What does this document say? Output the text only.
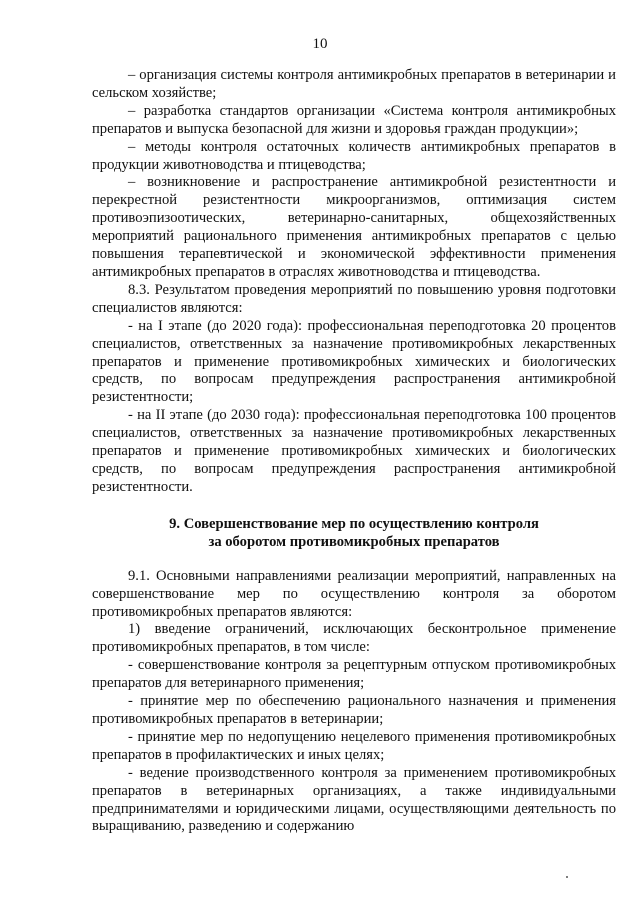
10

– организация системы контроля антимикробных препаратов в ветеринарии и сельском хозяйстве;

– разработка стандартов организации «Система контроля антимикробных препаратов и выпуска безопасной для жизни и здоровья граждан продукции»;

– методы контроля остаточных количеств антимикробных препаратов в продукции животноводства и птицеводства;

– возникновение и распространение антимикробной резистентности и перекрестной резистентности микроорганизмов, оптимизация систем противоэпизоотических, ветеринарно-санитарных, общехозяйственных мероприятий рационального применения антимикробных препаратов с целью повышения терапевтической и экономической эффективности применения антимикробных препаратов в отраслях животноводства и птицеводства.

8.3. Результатом проведения мероприятий по повышению уровня подготовки специалистов являются:

- на I этапе (до 2020 года): профессиональная переподготовка 20 процентов специалистов, ответственных за назначение противомикробных лекарственных препаратов и применение противомикробных химических и биологических средств, по вопросам предупреждения распространения антимикробной резистентности;

- на II этапе (до 2030 года): профессиональная переподготовка 100 процентов специалистов, ответственных за назначение противомикробных лекарственных препаратов и применение противомикробных химических и биологических средств, по вопросам предупреждения распространения антимикробной резистентности.

9. Совершенствование мер по осуществлению контроля

за оборотом противомикробных препаратов

9.1. Основными направлениями реализации мероприятий, направленных на совершенствование мер по осуществлению контроля за оборотом противомикробных препаратов являются:

1) введение ограничений, исключающих бесконтрольное применение противомикробных препаратов, в том числе:

- совершенствование контроля за рецептурным отпуском противомикробных препаратов для ветеринарного применения;

- принятие мер по обеспечению рационального назначения и применения противомикробных препаратов в ветеринарии;

- принятие мер по недопущению нецелевого применения противомикробных препаратов в профилактических и иных целях;

- ведение производственного контроля за применением противомикробных препаратов в ветеринарных организациях, а также индивидуальными предпринимателями и юридическими лицами, осуществляющими деятельность по выращиванию, разведению и содержанию
